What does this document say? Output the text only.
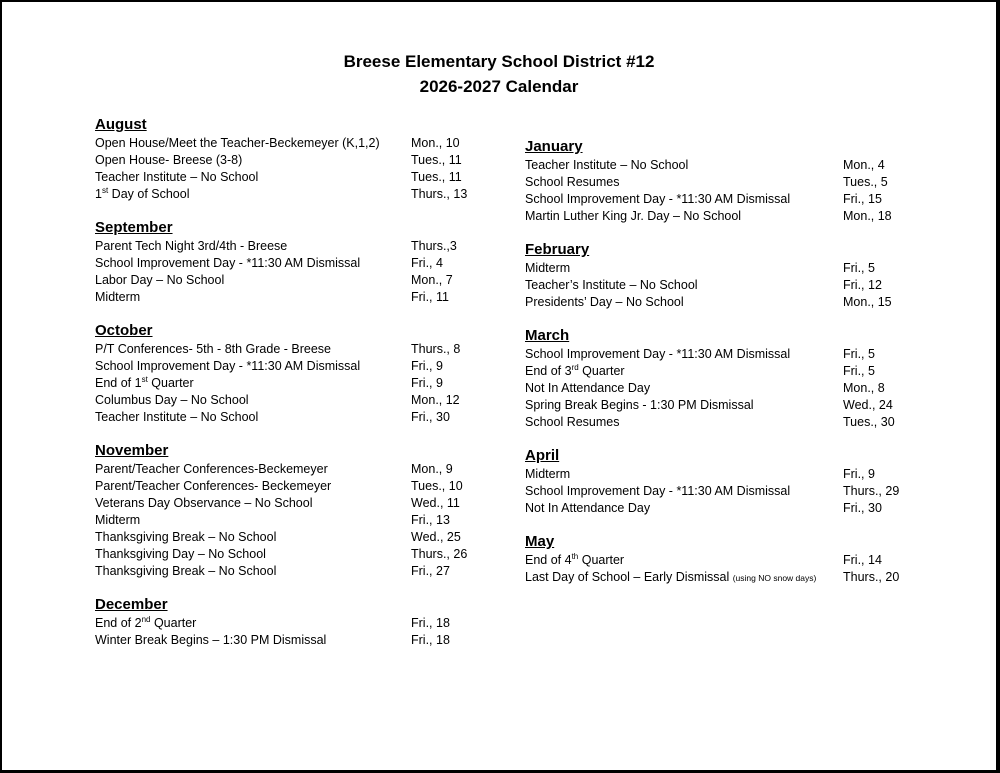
Breese Elementary School District #12
2026-2027 Calendar
August
Open House/Meet the Teacher-Beckemeyer (K,1,2)	Mon., 10
Open House- Breese (3-8)	Tues., 11
Teacher Institute – No School	Tues., 11
1st Day of School	Thurs., 13
September
Parent Tech Night 3rd/4th - Breese	Thurs.,3
School Improvement Day - *11:30 AM Dismissal	Fri., 4
Labor Day – No School	Mon., 7
Midterm	Fri., 11
October
P/T Conferences- 5th - 8th Grade - Breese	Thurs., 8
School Improvement Day - *11:30 AM Dismissal	Fri., 9
End of 1st Quarter	Fri., 9
Columbus Day – No School	Mon., 12
Teacher Institute – No School	Fri., 30
November
Parent/Teacher Conferences-Beckemeyer	Mon., 9
Parent/Teacher Conferences- Beckemeyer	Tues., 10
Veterans Day Observance – No School	Wed., 11
Midterm	Fri., 13
Thanksgiving Break – No School	Wed., 25
Thanksgiving Day – No School	Thurs., 26
Thanksgiving Break – No School	Fri., 27
December
End of 2nd Quarter	Fri., 18
Winter Break Begins – 1:30 PM Dismissal	Fri., 18
January
Teacher Institute – No School	Mon., 4
School Resumes	Tues., 5
School Improvement Day - *11:30 AM Dismissal	Fri., 15
Martin Luther King Jr. Day – No School	Mon., 18
February
Midterm	Fri., 5
Teacher’s Institute – No School	Fri., 12
Presidents’ Day – No School	Mon., 15
March
School Improvement Day - *11:30 AM Dismissal	Fri., 5
End of 3rd Quarter	Fri., 5
Not In Attendance Day	Mon., 8
Spring Break Begins - 1:30 PM Dismissal	Wed., 24
School Resumes	Tues., 30
April
Midterm	Fri., 9
School Improvement Day - *11:30 AM Dismissal	Thurs., 29
Not In Attendance Day	Fri., 30
May
End of 4th Quarter	Fri., 14
Last Day of School – Early Dismissal (using NO snow days) Thurs., 20
